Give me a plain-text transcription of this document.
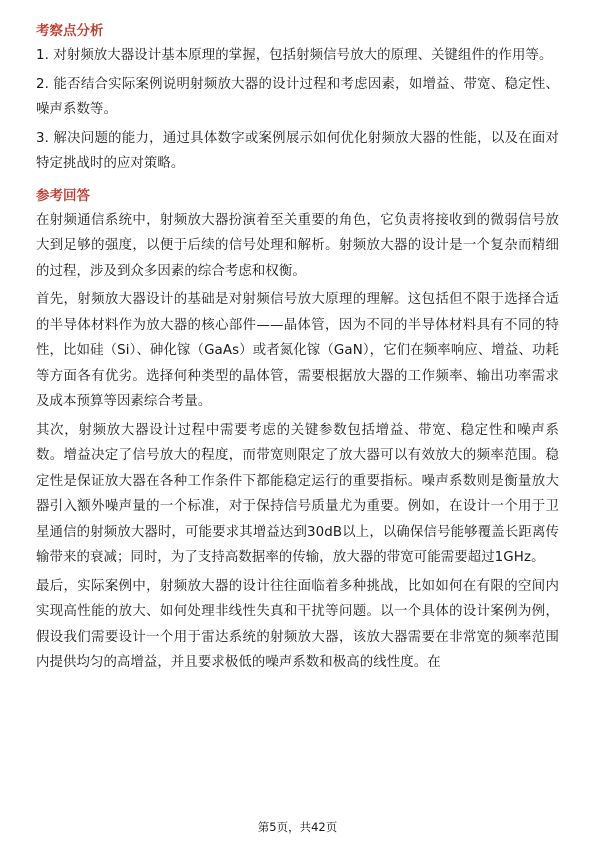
考察点分析

1. 对射频放大器设计基本原理的掌握，包括射频信号放大的原理、关键组件的作用等。

2. 能否结合实际案例说明射频放大器的设计过程和考虑因素，如增益、带宽、稳定性、噪声系数等。

3. 解决问题的能力，通过具体数字或案例展示如何优化射频放大器的性能，以及在面对特定挑战时的应对策略。

参考回答

在射频通信系统中，射频放大器扮演着至关重要的角色，它负责将接收到的微弱信号放大到足够的强度，以便于后续的信号处理和解析。射频放大器的设计是一个复杂而精细的过程，涉及到众多因素的综合考虑和权衡。

首先，射频放大器设计的基础是对射频信号放大原理的理解。这包括但不限于选择合适的半导体材料作为放大器的核心部件——晶体管，因为不同的半导体材料具有不同的特性，比如硅（Si）、砷化镓（GaAs）或者氮化镓（GaN），它们在频率响应、增益、功耗等方面各有优劣。选择何种类型的晶体管，需要根据放大器的工作频率、输出功率需求及成本预算等因素综合考量。

其次，射频放大器设计过程中需要考虑的关键参数包括增益、带宽、稳定性和噪声系数。增益决定了信号放大的程度，而带宽则限定了放大器可以有效放大的频率范围。稳定性是保证放大器在各种工作条件下都能稳定运行的重要指标。噪声系数则是衡量放大器引入额外噪声量的一个标准，对于保持信号质量尤为重要。例如，在设计一个用于卫星通信的射频放大器时，可能要求其增益达到30dB以上，以确保信号能够覆盖长距离传输带来的衰减；同时，为了支持高数据率的传输，放大器的带宽可能需要超过1GHz。

最后，实际案例中，射频放大器的设计往往面临着多种挑战，比如如何在有限的空间内实现高性能的放大、如何处理非线性失真和干扰等问题。以一个具体的设计案例为例，假设我们需要设计一个用于雷达系统的射频放大器，该放大器需要在非常宽的频率范围内提供均匀的高增益，并且要求极低的噪声系数和极高的线性度。在

第5页，共42页
